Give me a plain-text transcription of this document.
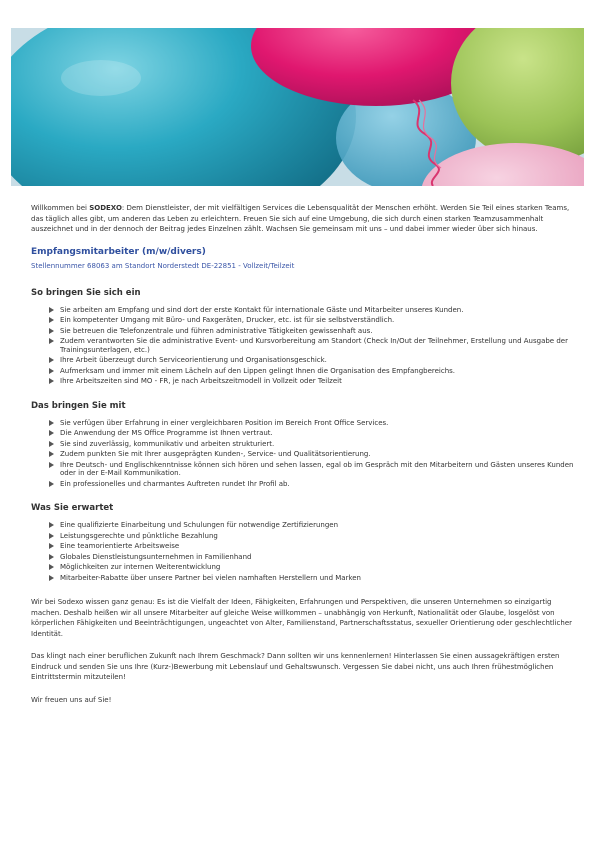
Willkommen bei SODEXO: Dem Dienstleister, der mit vielfältigen Services die Lebensqualität der Menschen erhöht. Werden Sie Teil eines starken Teams, das täglich alles gibt, um anderen das Leben zu erleichtern. Freuen Sie sich auf eine Umgebung, die sich durch einen starken Teamzusammenhalt auszeichnet und in der dennoch der Beitrag jedes Einzelnen zählt. Wachsen Sie gemeinsam mit uns – und dabei immer wieder über sich hinaus.

Empfangsmitarbeiter (m/w/divers)
Stellennummer 68063 am Standort Norderstedt DE-22851 - Vollzeit/Teilzeit
So bringen Sie sich ein
Sie arbeiten am Empfang und sind dort der erste Kontakt für internationale Gäste und Mitarbeiter unseres Kunden.
Ein kompetenter Umgang mit Büro- und Faxgeräten, Drucker, etc. ist für sie selbstverständlich.
Sie betreuen die Telefonzentrale und führen administrative Tätigkeiten gewissenhaft aus.
Zudem verantworten Sie die administrative Event- und Kursvorbereitung am Standort (Check In/Out der Teilnehmer, Erstellung und Ausgabe der Trainingsunterlagen, etc.)
Ihre Arbeit überzeugt durch Serviceorientierung und Organisationsgeschick.
Aufmerksam und immer mit einem Lächeln auf den Lippen gelingt Ihnen die Organisation des Empfangbereichs.
Ihre Arbeitszeiten sind MO - FR, je nach Arbeitszeitmodell in Vollzeit oder Teilzeit
Das bringen Sie mit
Sie verfügen über Erfahrung in einer vergleichbaren Position im Bereich Front Office Services.
Die Anwendung der MS Office Programme ist Ihnen vertraut.
Sie sind zuverlässig, kommunikativ und arbeiten strukturiert.
Zudem punkten Sie mit Ihrer ausgeprägten Kunden-, Service- und Qualitätsorientierung.
Ihre Deutsch- und Englischkenntnisse können sich hören und sehen lassen, egal ob im Gespräch mit den Mitarbeitern und Gästen unseres Kunden oder in der E-Mail Kommunikation.
Ein professionelles und charmantes Auftreten rundet Ihr Profil ab.
Was Sie erwartet
Eine qualifizierte Einarbeitung und Schulungen für notwendige Zertifizierungen
Leistungsgerechte und pünktliche Bezahlung
Eine teamorientierte Arbeitsweise
Globales Dienstleistungsunternehmen in Familienhand
Möglichkeiten zur internen Weiterentwicklung
Mitarbeiter-Rabatte über unsere Partner bei vielen namhaften Herstellern und Marken

Wir bei Sodexo wissen ganz genau: Es ist die Vielfalt der Ideen, Fähigkeiten, Erfahrungen und Perspektiven, die unseren Unternehmen so einzigartig machen. Deshalb heißen wir all unsere Mitarbeiter auf gleiche Weise willkommen – unabhängig von Herkunft, Nationalität oder Glaube, losgelöst von körperlichen Fähigkeiten und Beeinträchtigungen, ungeachtet von Alter, Familienstand, Partnerschaftsstatus, sexueller Orientierung oder geschlechtlicher Identität.

Das klingt nach einer beruflichen Zukunft nach Ihrem Geschmack? Dann sollten wir uns kennenlernen! Hinterlassen Sie einen aussagekräftigen ersten Eindruck und senden Sie uns Ihre (Kurz-)Bewerbung mit Lebenslauf und Gehaltswunsch. Vergessen Sie dabei nicht, uns auch Ihren frühestmöglichen Eintrittstermin mitzuteilen!

Wir freuen uns auf Sie!
